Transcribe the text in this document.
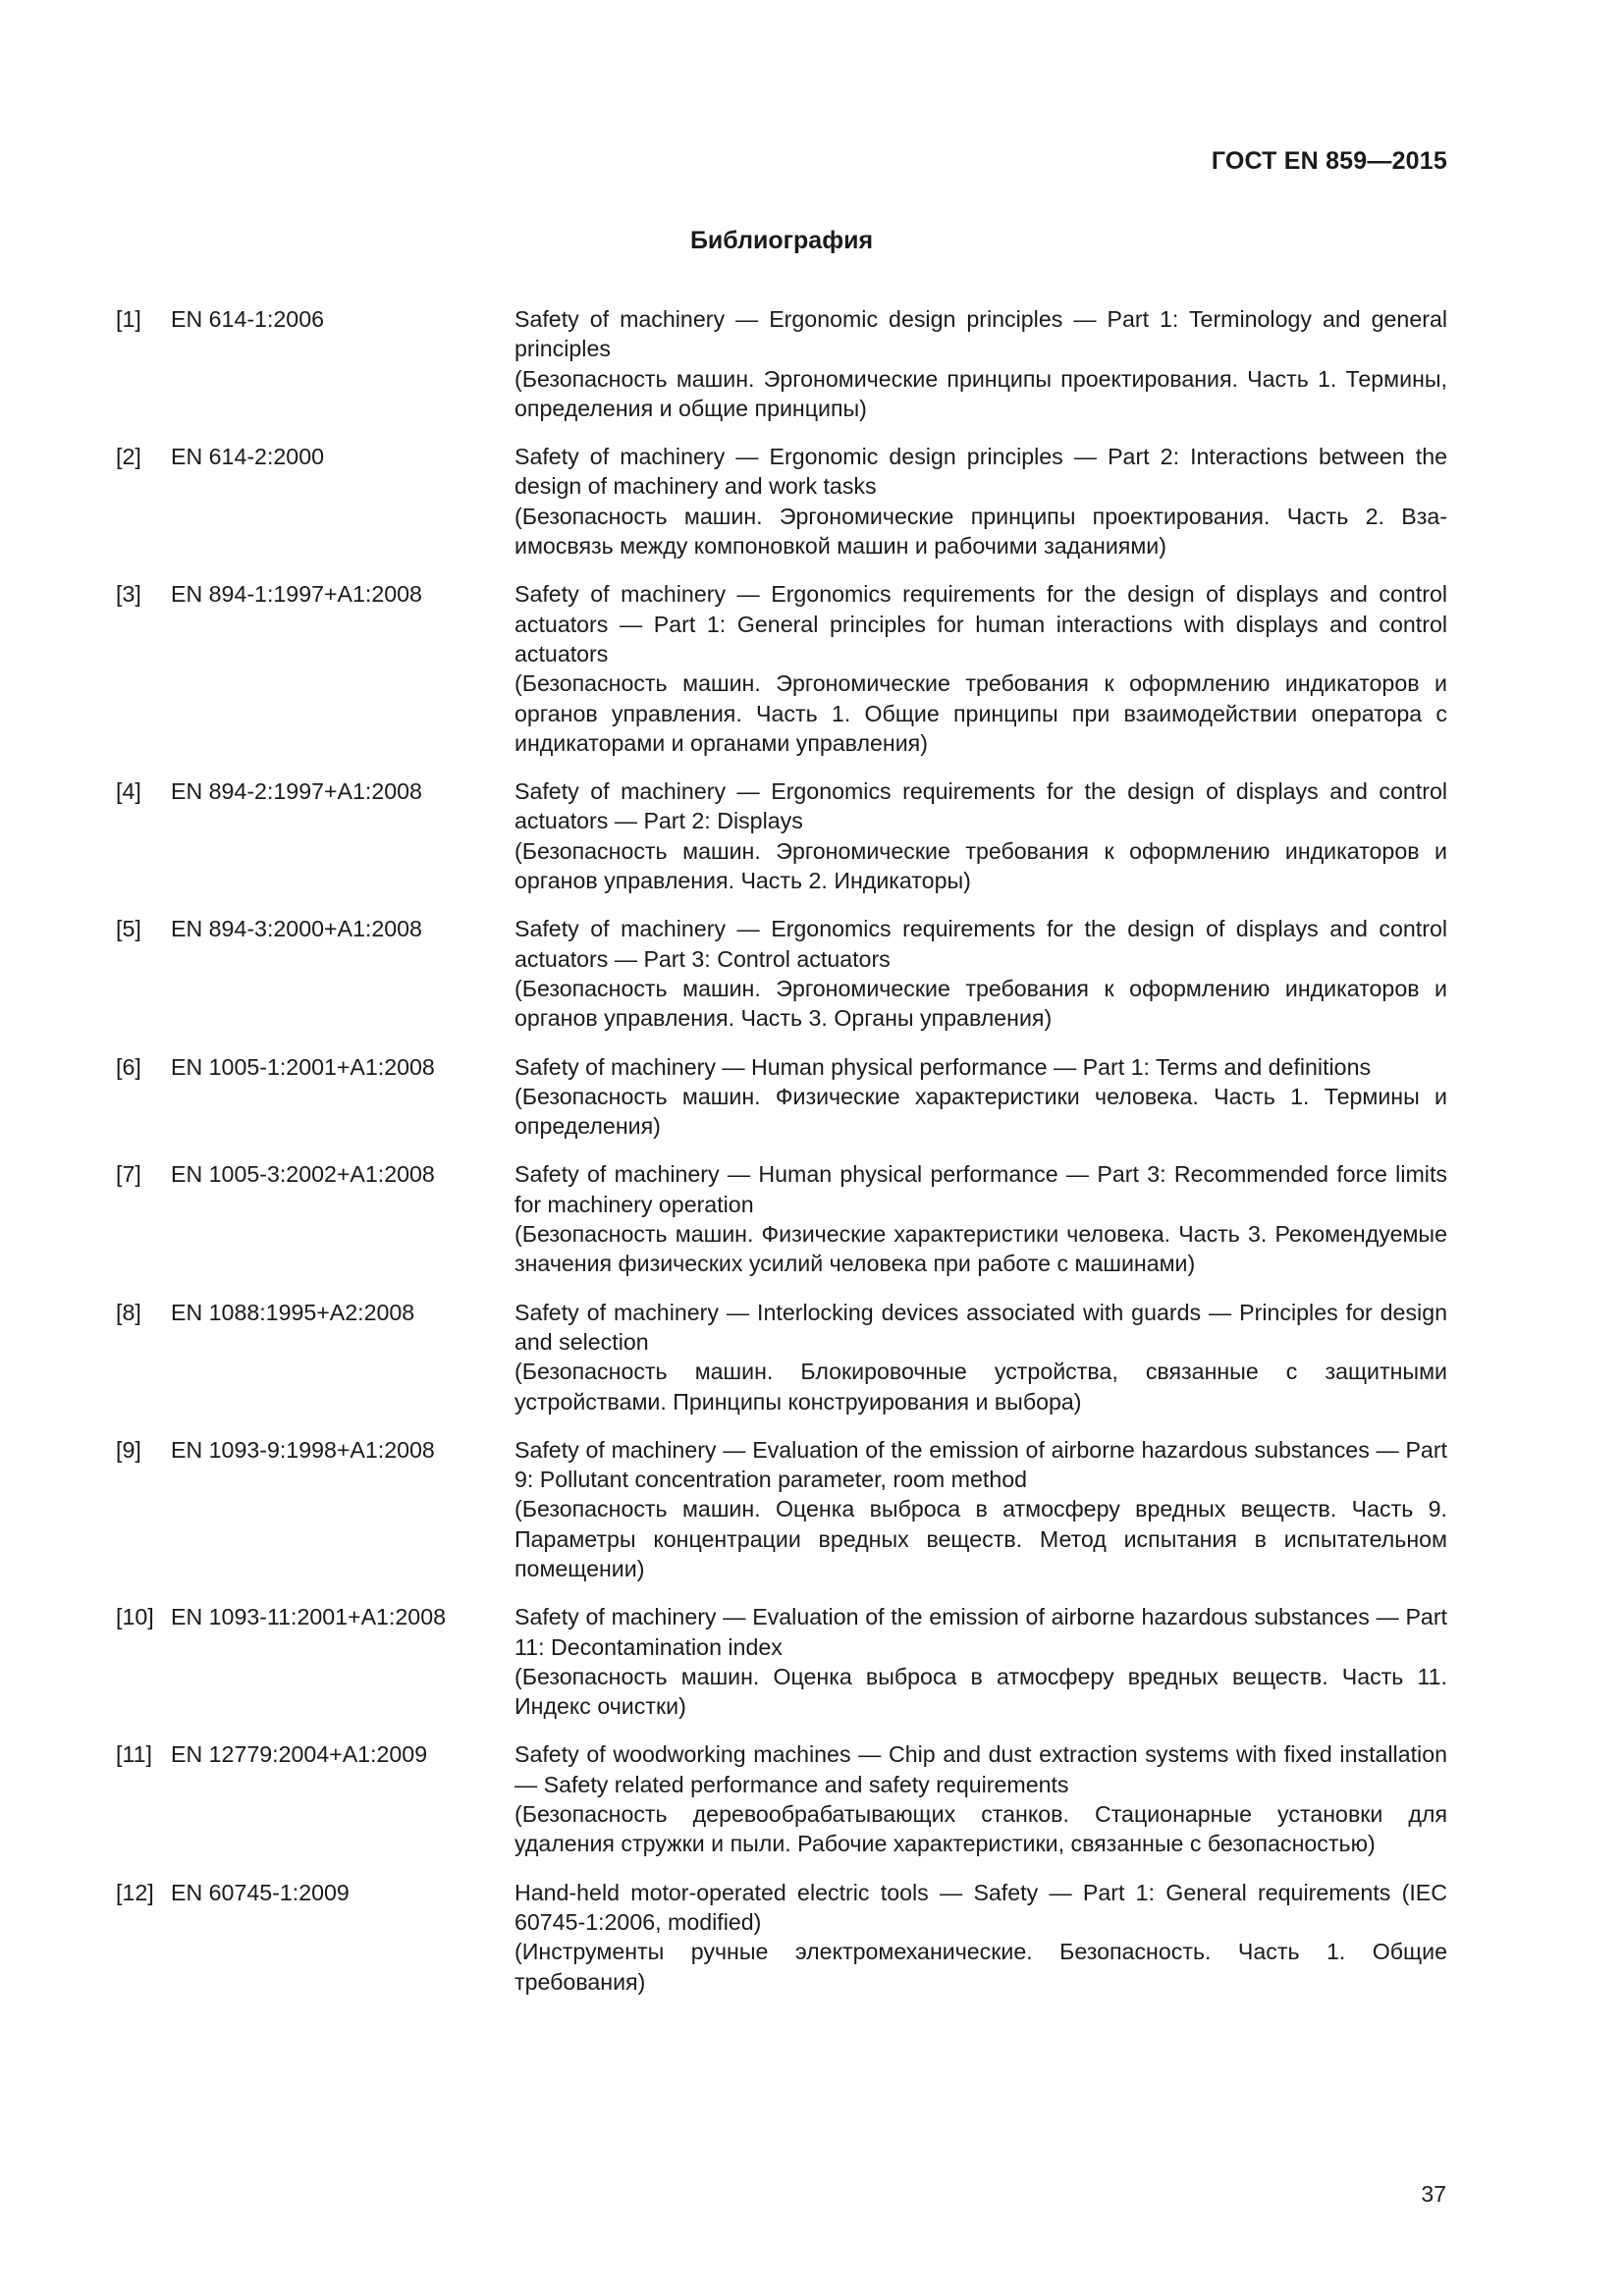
ГОСТ EN 859—2015
Библиография
[1]	EN 614-1:2006	Safety of machinery — Ergonomic design principles — Part 1: Terminology and general principles

(Безопасность машин. Эргономические принципы проектирования. Часть 1. Термины, определения и общие принципы)

[2]	EN 614-2:2000	Safety of machinery — Ergonomic design principles — Part 2: Interactions between the design of machinery and work tasks

(Безопасность машин. Эргономические принципы проектирования. Часть 2. Взаимосвязь между компоновкой машин и рабочими заданиями)

[3]	EN 894-1:1997+A1:2008	Safety of machinery — Ergonomics requirements for the design of displays and control actuators — Part 1: General principles for human interactions with displays and control actuators

(Безопасность машин. Эргономические требования к оформлению индикаторов и органов управления. Часть 1. Общие принципы при взаимодействии оператора с индикаторами и органами управления)

[4]	EN 894-2:1997+A1:2008	Safety of machinery — Ergonomics requirements for the design of displays and control actuators — Part 2: Displays

(Безопасность машин. Эргономические требования к оформлению индикаторов и органов управления. Часть 2. Индикаторы)

[5]	EN 894-3:2000+A1:2008	Safety of machinery — Ergonomics requirements for the design of displays and control actuators — Part 3: Control actuators

(Безопасность машин. Эргономические требования к оформлению индикаторов и органов управления. Часть 3. Органы управления)

[6]	EN 1005-1:2001+A1:2008	Safety of machinery — Human physical performance — Part 1: Terms and definitions

(Безопасность машин. Физические характеристики человека. Часть 1. Термины и определения)

[7]	EN 1005-3:2002+A1:2008	Safety of machinery — Human physical performance — Part 3: Recommended force limits for machinery operation

(Безопасность машин. Физические характеристики человека. Часть 3. Рекомендуемые значения физических усилий человека при работе с машинами)

[8]	EN 1088:1995+A2:2008	Safety of machinery — Interlocking devices associated with guards — Principles for design and selection

(Безопасность машин. Блокировочные устройства, связанные с защитными устройствами. Принципы конструирования и выбора)

[9]	EN 1093-9:1998+A1:2008	Safety of machinery — Evaluation of the emission of airborne hazardous substances — Part 9: Pollutant concentration parameter, room method

(Безопасность машин. Оценка выброса в атмосферу вредных веществ. Часть 9. Параметры концентрации вредных веществ. Метод испытания в испытательном помещении)

[10] EN 1093-11:2001+A1:2008	Safety of machinery — Evaluation of the emission of airborne hazardous substances — Part 11: Decontamination index

(Безопасность машин. Оценка выброса в атмосферу вредных веществ. Часть 11. Индекс очистки)

[11] EN 12779:2004+A1:2009	Safety of woodworking machines — Chip and dust extraction systems with fixed installation — Safety related performance and safety requirements

(Безопасность деревообрабатывающих станков. Стационарные установки для удаления стружки и пыли. Рабочие характеристики, связанные с безопасностью)

[12] EN 60745-1:2009	Hand-held motor-operated electric tools — Safety — Part 1: General requirements (IEC 60745-1:2006, modified)

(Инструменты ручные электромеханические. Безопасность. Часть 1. Общие требования)

37
